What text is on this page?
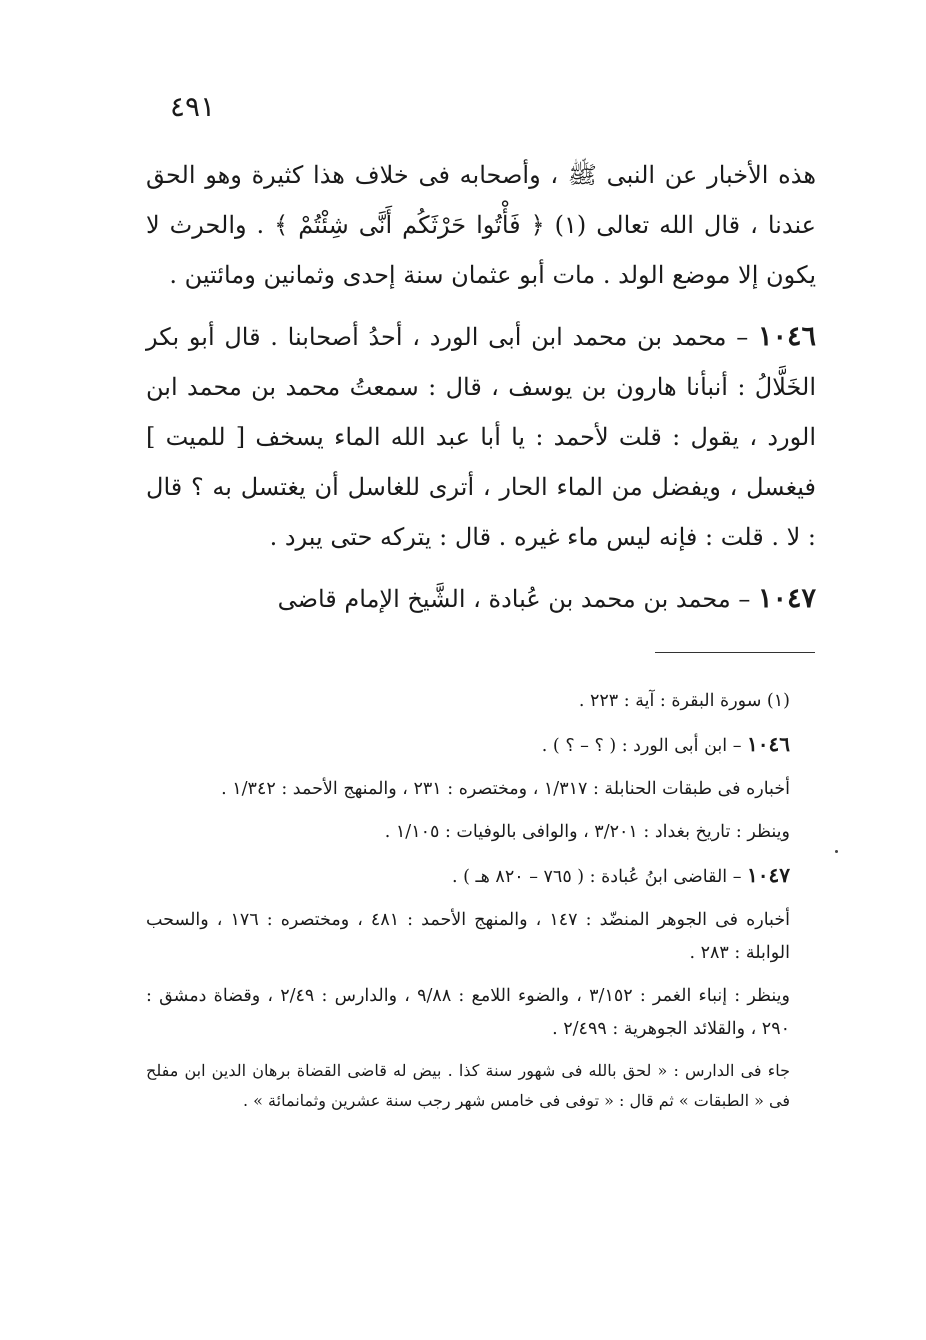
٤٩١

هذه الأخبار عن النبى ﷺ ، وأصحابه فى خلاف هذا كثيرة وهو الحق عندنا ، قال الله تعالى (١) ﴿ فَأْتُوا حَرْثَكُم أَنَّى شِئْتُمْ ﴾ . والحرث لا يكون إلا موضع الولد . مات أبو عثمان سنة إحدى وثمانين ومائتين .

١٠٤٦ – محمد بن محمد ابن أبى الورد ، أحدُ أصحابنا . قال أبو بكر الخَلَّالُ : أنبأنا هارون بن يوسف ، قال : سمعتُ محمد بن محمد ابن الورد ، يقول : قلت لأحمد : يا أبا عبد الله الماء يسخف [ للميت ] فيغسل ، ويفضل من الماء الحار ، أترى للغاسل أن يغتسل به ؟ قال : لا . قلت : فإنه ليس ماء غيره . قال : يتركه حتى يبرد .

١٠٤٧ – محمد بن محمد بن عُبادة ، الشَّيخ الإمام قاضى

(١) سورة البقرة : آية : ٢٢٣ .

١٠٤٦ – ابن أبى الورد : ( ؟ – ؟ ) .

أخباره فى طبقات الحنابلة : ١/٣١٧ ، ومختصره : ٢٣١ ، والمنهج الأحمد : ١/٣٤٢ .

وينظر : تاريخ بغداد : ٣/٢٠١ ، والوافى بالوفيات : ١/١٠٥ .

١٠٤٧ – القاضى ابنُ عُبادة : ( ٧٦٥ – ٨٢٠ هـ ) .

أخباره فى الجوهر المنضّد : ١٤٧ ، والمنهج الأحمد : ٤٨١ ، ومختصره : ١٧٦ ، والسحب الوابلة : ٢٨٣ .

وينظر : إنباء الغمر : ٣/١٥٢ ، والضوء اللامع : ٩/٨٨ ، والدارس : ٢/٤٩ ، وقضاة دمشق : ٢٩٠ ، والقلائد الجوهرية : ٢/٤٩٩ .

جاء فى الدارس : « لحق بالله فى شهور سنة كذا . بيض له قاضى القضاة برهان الدين ابن مفلح فى « الطبقات » ثم قال : « توفى فى خامس شهر رجب سنة عشرين وثمانمائة » .
